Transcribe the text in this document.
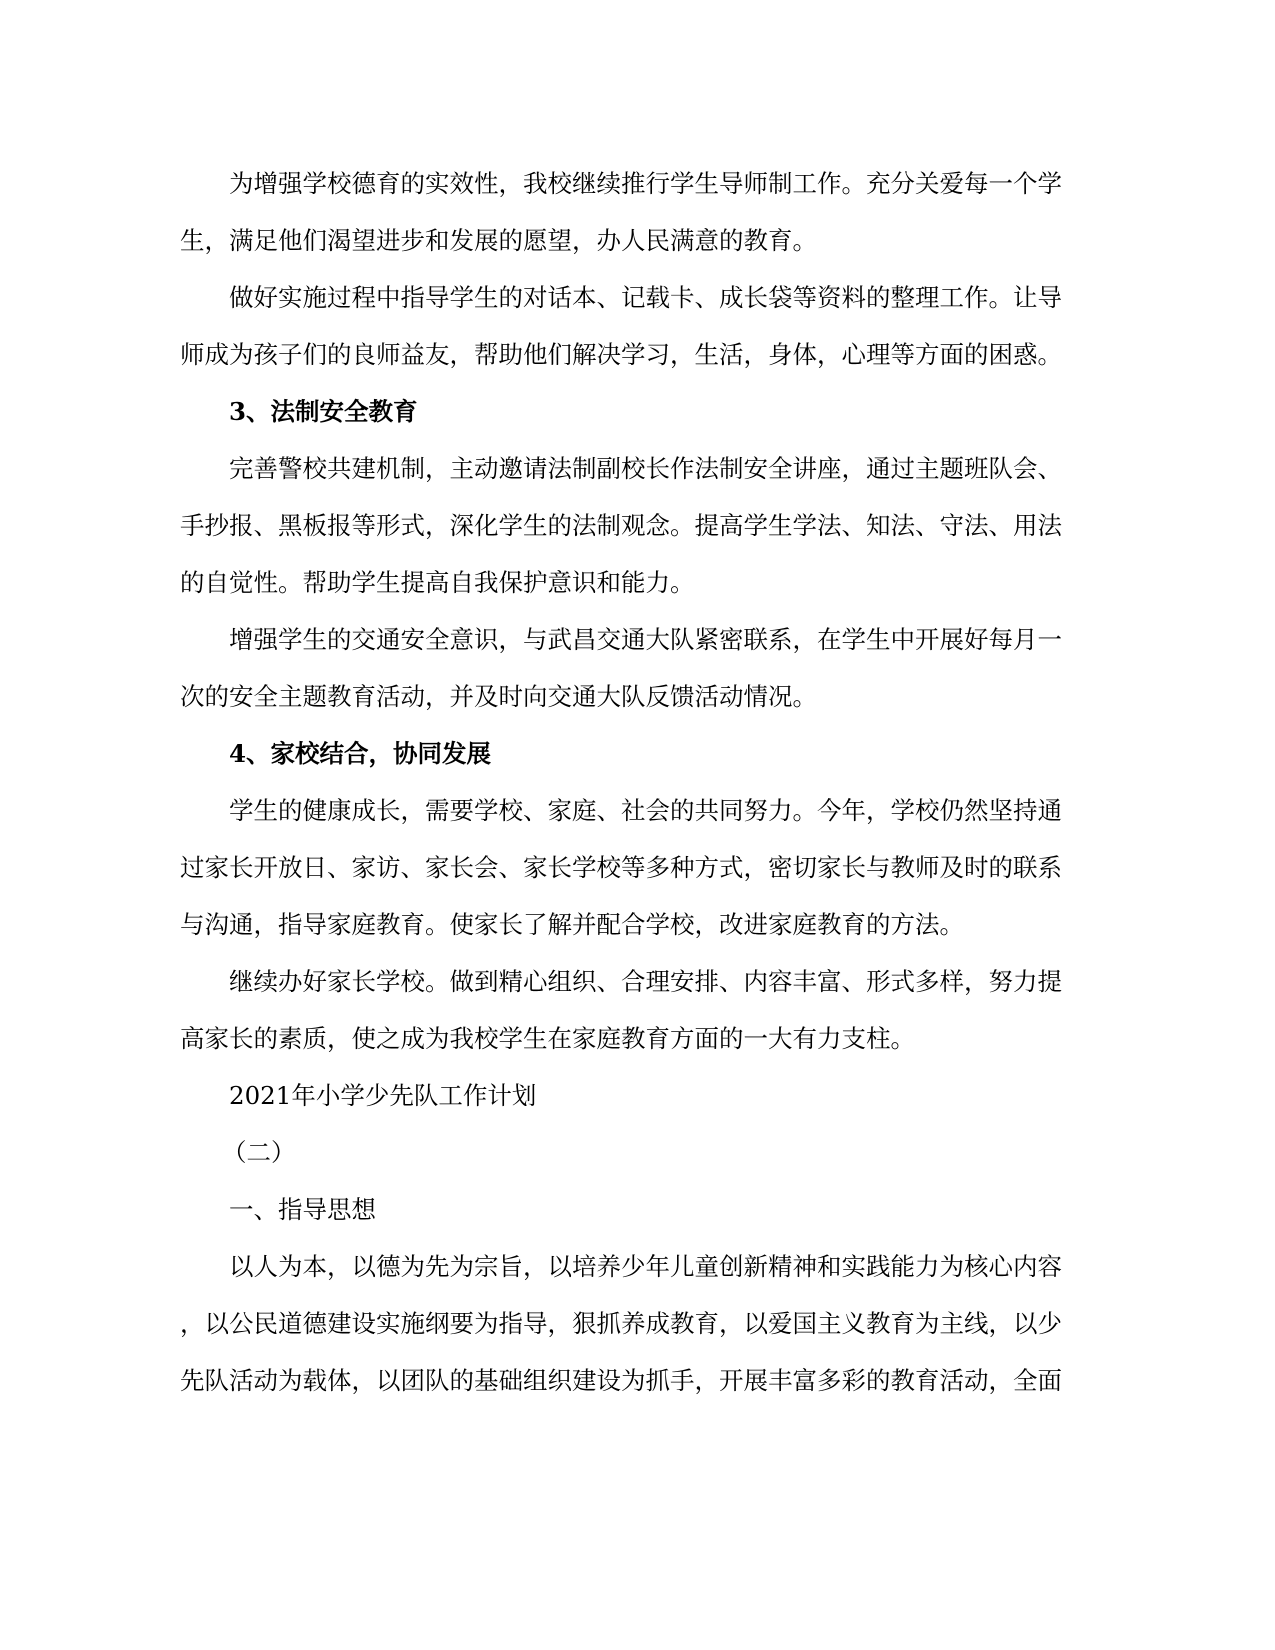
为增强学校德育的实效性，我校继续推行学生导师制工作。充分关爱每一个学
生，满足他们渴望进步和发展的愿望，办人民满意的教育。
做好实施过程中指导学生的对话本、记载卡、成长袋等资料的整理工作。让导
师成为孩子们的良师益友，帮助他们解决学习，生活，身体，心理等方面的困惑。
3、法制安全教育
完善警校共建机制，主动邀请法制副校长作法制安全讲座，通过主题班队会、
手抄报、黑板报等形式，深化学生的法制观念。提高学生学法、知法、守法、用法
的自觉性。帮助学生提高自我保护意识和能力。
增强学生的交通安全意识，与武昌交通大队紧密联系，在学生中开展好每月一
次的安全主题教育活动，并及时向交通大队反馈活动情况。
4、家校结合，协同发展
学生的健康成长，需要学校、家庭、社会的共同努力。今年，学校仍然坚持通
过家长开放日、家访、家长会、家长学校等多种方式，密切家长与教师及时的联系
与沟通，指导家庭教育。使家长了解并配合学校，改进家庭教育的方法。
继续办好家长学校。做到精心组织、合理安排、内容丰富、形式多样，努力提
高家长的素质，使之成为我校学生在家庭教育方面的一大有力支柱。
2021年小学少先队工作计划
（二）
一、指导思想
以人为本，以德为先为宗旨，以培养少年儿童创新精神和实践能力为核心内容
，以公民道德建设实施纲要为指导，狠抓养成教育，以爱国主义教育为主线，以少
先队活动为载体，以团队的基础组织建设为抓手，开展丰富多彩的教育活动，全面
